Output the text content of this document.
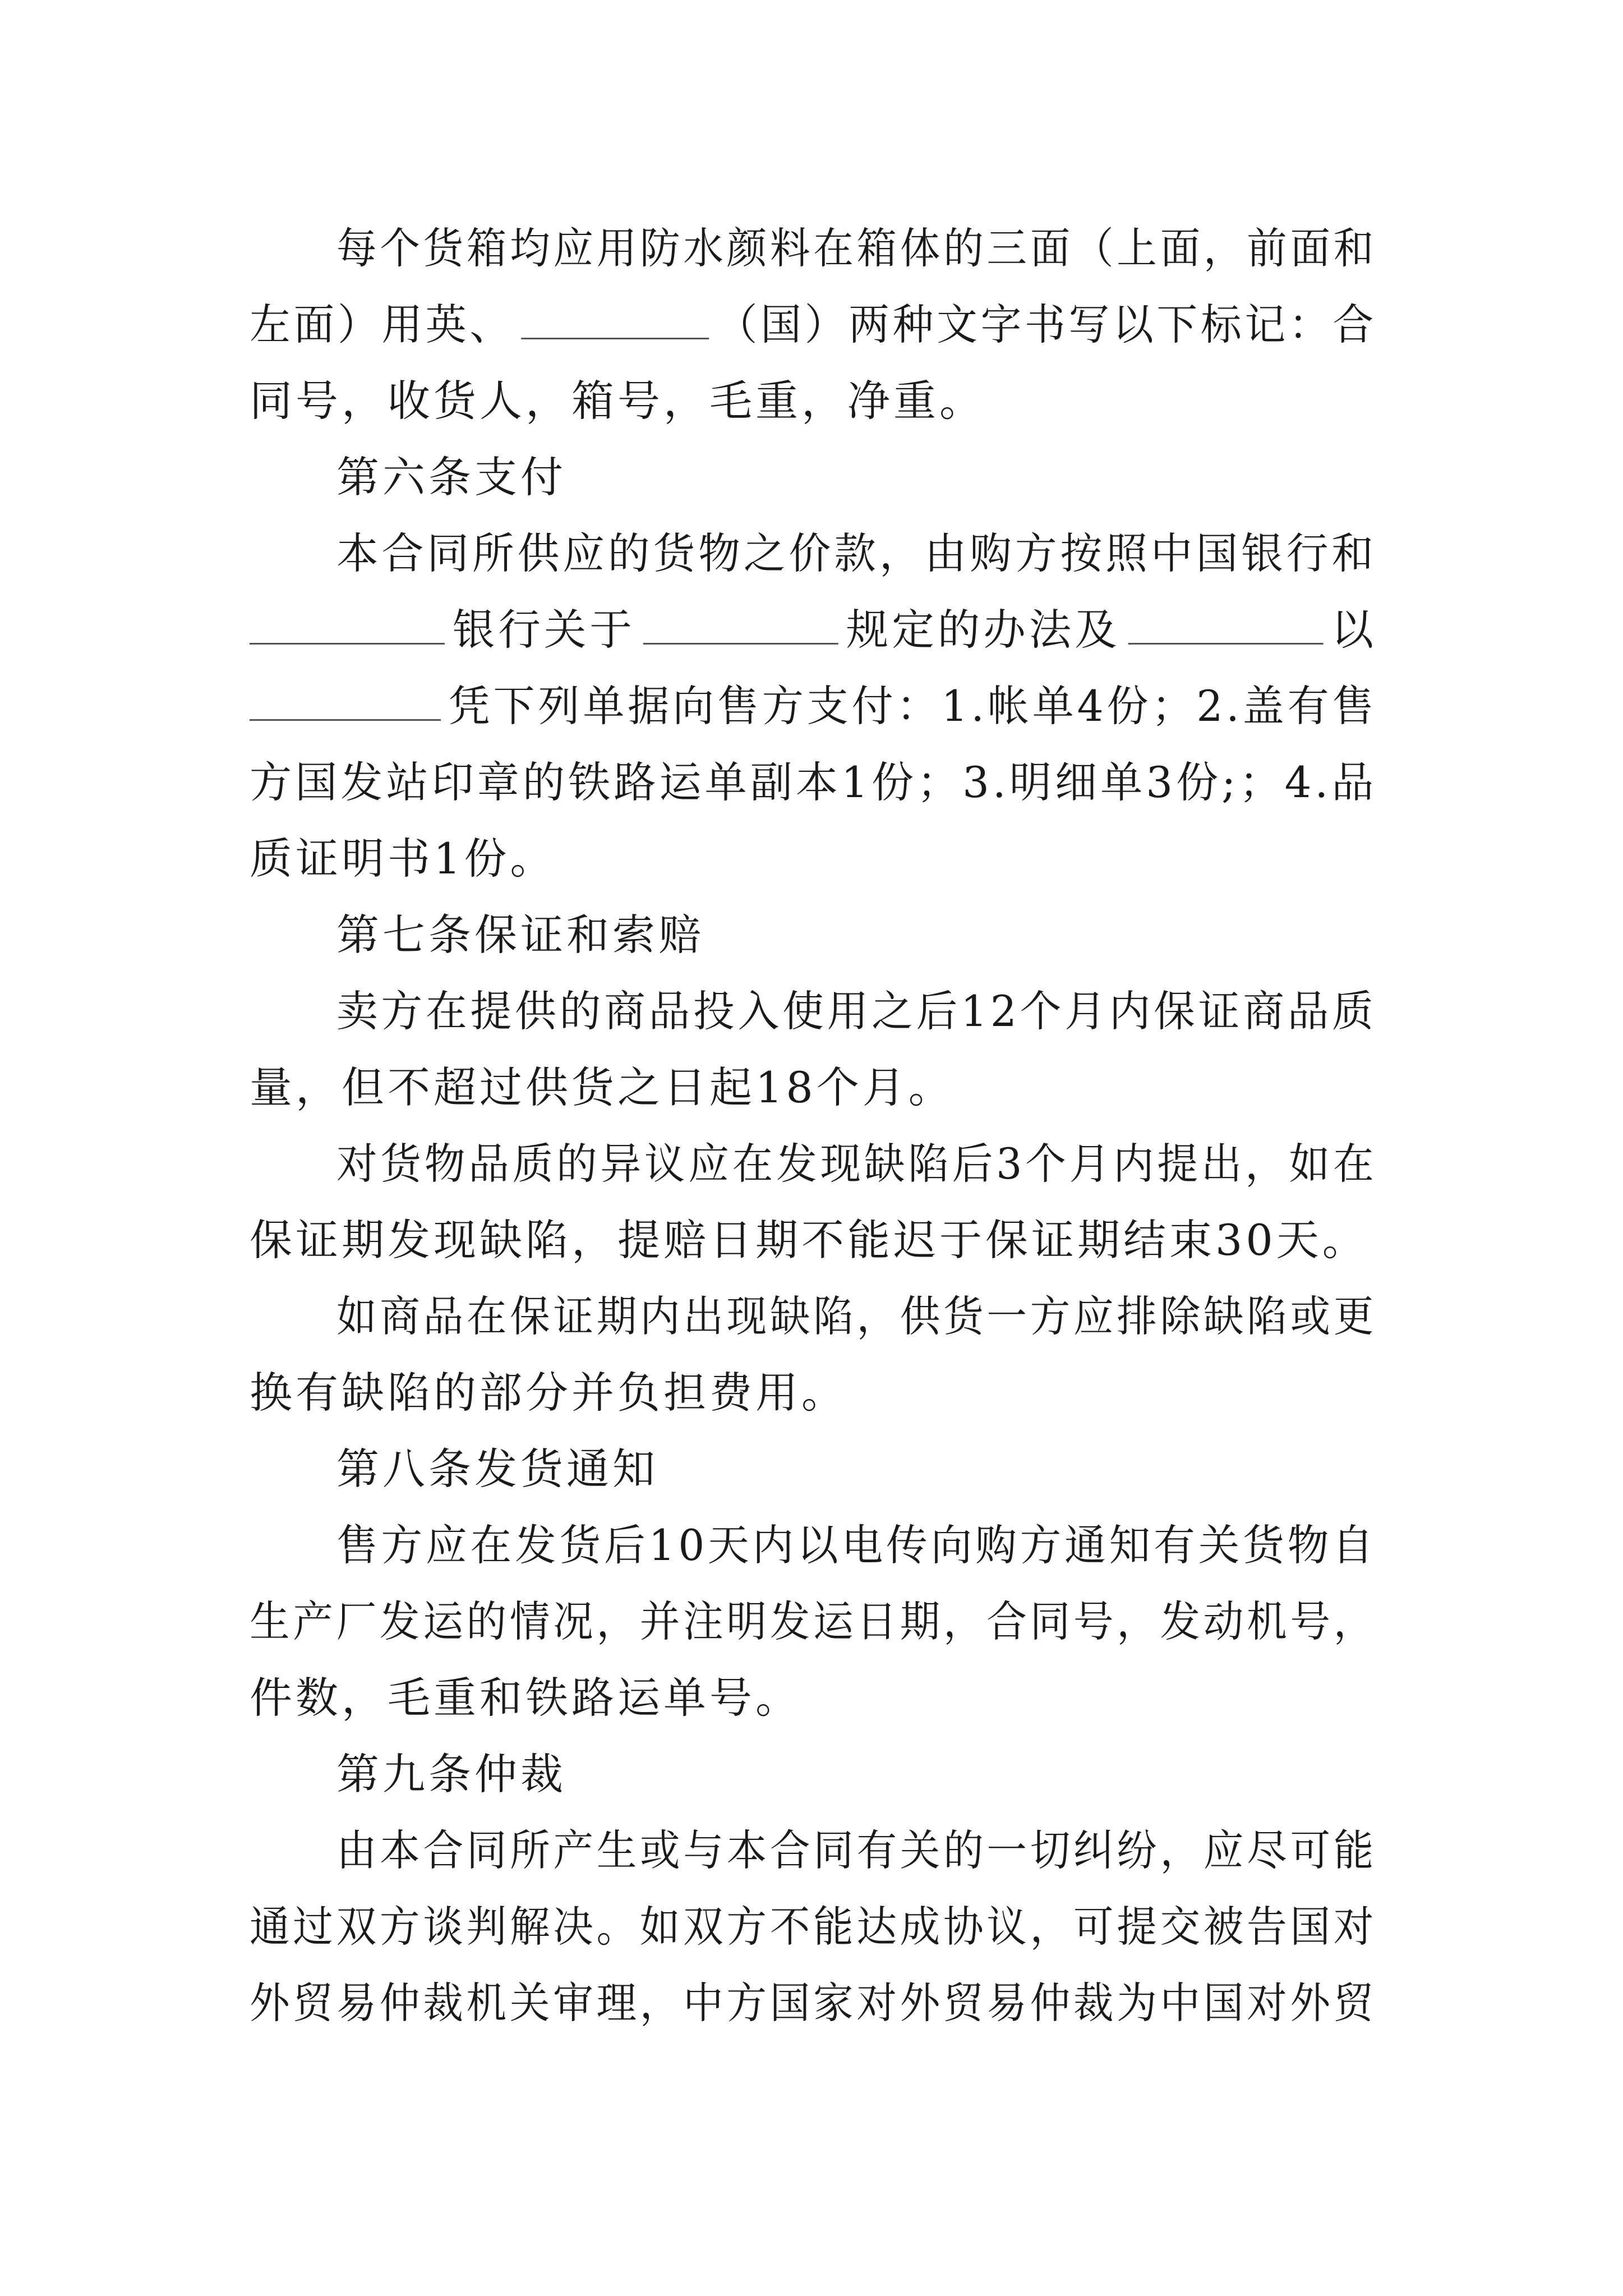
每个货箱均应用防水颜料在箱体的三面（上面，前面和
左面）用英、	（国）两种文字书写以下标记：合
同号，收货人，箱号，毛重，净重。
第六条支付
本合同所供应的货物之价款，由购方按照中国银行和
银行关于	规定的办法及	以
凭下列单据向售方支付：1.帐单4份；2.盖有售
方国发站印章的铁路运单副本1份；3.明细单3份;；4.品
质证明书1份。
第七条保证和索赔
卖方在提供的商品投入使用之后12个月内保证商品质
量，但不超过供货之日起18个月。
对货物品质的异议应在发现缺陷后3个月内提出，如在
保证期发现缺陷，提赔日期不能迟于保证期结束30天。
如商品在保证期内出现缺陷，供货一方应排除缺陷或更
换有缺陷的部分并负担费用。
第八条发货通知
售方应在发货后10天内以电传向购方通知有关货物自
生产厂发运的情况，并注明发运日期，合同号，发动机号，
件数，毛重和铁路运单号。
第九条仲裁
由本合同所产生或与本合同有关的一切纠纷，应尽可能
通过双方谈判解决。如双方不能达成协议，可提交被告国对
外贸易仲裁机关审理，中方国家对外贸易仲裁为中国对外贸
